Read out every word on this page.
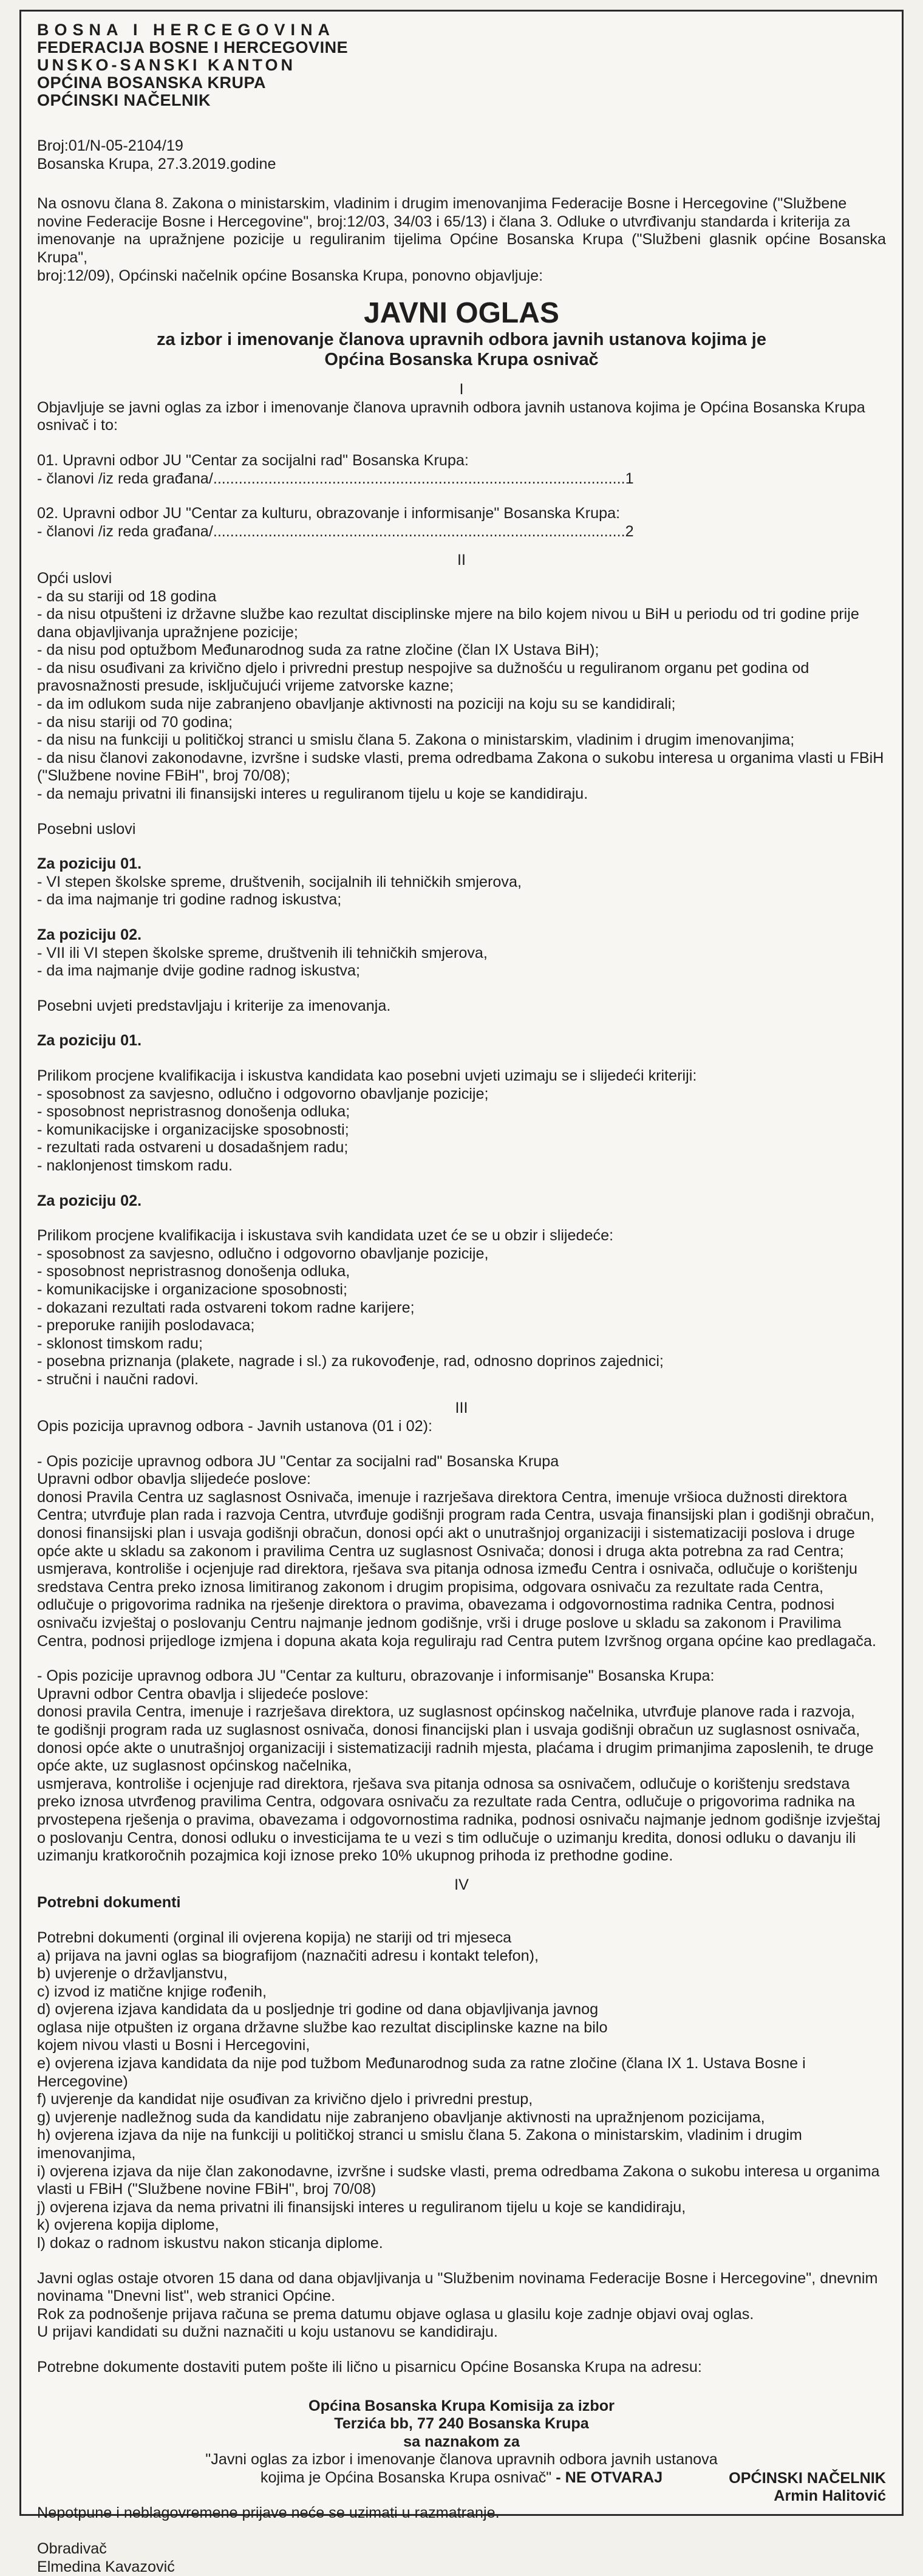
BOSNA I HERCEGOVINA
FEDERACIJA BOSNE I HERCEGOVINE
UNSKO-SANSKI KANTON
OPĆINA BOSANSKA KRUPA
OPĆINSKI NAČELNIK
Broj:01/N-05-2104/19
Bosanska Krupa, 27.3.2019.godine
Na osnovu člana 8. Zakona o ministarskim, vladinim i drugim imenovanjima Federacije Bosne i Hercegovine ("Službene
novine Federacije Bosne i Hercegovine", broj:12/03, 34/03 i 65/13) i člana 3. Odluke o utvrđivanju standarda i kriterija za
imenovanje na upražnjene pozicije u reguliranim tijelima Općine Bosanska Krupa ("Službeni glasnik općine Bosanska Krupa",
broj:12/09), Općinski načelnik općine Bosanska Krupa, ponovno objavljuje:
JAVNI OGLAS
za izbor i imenovanje članova upravnih odbora javnih ustanova kojima je
Općina Bosanska Krupa osnivač
I
Objavljuje se javni oglas za izbor i imenovanje članova upravnih odbora javnih ustanova kojima je Općina Bosanska Krupa
osnivač i to:
01. Upravni odbor JU "Centar za socijalni rad" Bosanska Krupa:
- članovi /iz reda građana/.................................................................................................1
02. Upravni odbor JU "Centar za kulturu, obrazovanje i informisanje" Bosanska Krupa:
- članovi /iz reda građana/.................................................................................................2
II
Opći uslovi
- da su stariji od 18 godina
- da nisu otpušteni iz državne službe kao rezultat disciplinske mjere na bilo kojem nivou u BiH u periodu od tri godine prije
dana objavljivanja upražnjene pozicije;
- da nisu pod optužbom Međunarodnog suda za ratne zločine (član IX Ustava BiH);
- da nisu osuđivani za krivično djelo i privredni prestup nespojive sa dužnošću u reguliranom organu pet godina od
pravosnažnosti presude, isključujući vrijeme zatvorske kazne;
- da im odlukom suda nije zabranjeno obavljanje aktivnosti na poziciji na koju su se kandidirali;
- da nisu stariji od 70 godina;
- da nisu na funkciji u političkoj stranci u smislu člana 5. Zakona o ministarskim, vladinim i drugim imenovanjima;
- da nisu članovi zakonodavne, izvršne i sudske vlasti, prema odredbama Zakona o sukobu interesa u organima vlasti u FBiH
("Službene novine FBiH", broj 70/08);
- da nemaju privatni ili finansijski interes u reguliranom tijelu u koje se kandidiraju.
Posebni uslovi
Za poziciju 01.
- VI stepen školske spreme, društvenih, socijalnih ili tehničkih smjerova,
- da ima najmanje tri godine radnog iskustva;
Za poziciju 02.
- VII ili VI stepen školske spreme, društvenih ili tehničkih smjerova,
- da ima najmanje dvije godine radnog iskustva;
Posebni uvjeti predstavljaju i kriterije za imenovanja.
Za poziciju 01.
Prilikom procjene kvalifikacija i iskustva kandidata kao posebni uvjeti uzimaju se i slijedeći kriteriji:
- sposobnost za savjesno, odlučno i odgovorno obavljanje pozicije;
- sposobnost nepristrasnog donošenja odluka;
- komunikacijske i organizacijske sposobnosti;
- rezultati rada ostvareni u dosadašnjem radu;
- naklonjenost timskom radu.
Za poziciju 02.
Prilikom procjene kvalifikacija i iskustava svih kandidata uzet će se u obzir i slijedeće:
- sposobnost za savjesno, odlučno i odgovorno obavljanje pozicije,
- sposobnost nepristrasnog donošenja odluka,
- komunikacijske i organizacione sposobnosti;
- dokazani rezultati rada ostvareni tokom radne karijere;
- preporuke ranijih poslodavaca;
- sklonost timskom radu;
- posebna priznanja (plakete, nagrade i sl.) za rukovođenje, rad, odnosno doprinos zajednici;
- stručni i naučni radovi.
III
Opis pozicija upravnog odbora - Javnih ustanova (01 i 02):
- Opis pozicije upravnog odbora JU "Centar za socijalni rad" Bosanska Krupa
Upravni odbor obavlja slijedeće poslove:
donosi Pravila Centra uz saglasnost Osnivača, imenuje i razrješava direktora Centra, imenuje vršioca dužnosti direktora
Centra; utvrđuje plan rada i razvoja Centra, utvrđuje godišnji program rada Centra, usvaja finansijski plan i godišnji obračun,
donosi finansijski plan i usvaja godišnji obračun, donosi opći akt o unutrašnjoj organizaciji i sistematizaciji poslova i druge
opće akte u skladu sa zakonom i pravilima Centra uz suglasnost Osnivača; donosi i druga akta potrebna za rad Centra;
usmjerava, kontroliše i ocjenjuje rad direktora, rješava sva pitanja odnosa između Centra i osnivača, odlučuje o korištenju
sredstava Centra preko iznosa limitiranog zakonom i drugim propisima, odgovara osnivaču za rezultate rada Centra,
odlučuje o prigovorima radnika na rješenje direktora o pravima, obavezama i odgovornostima radnika Centra, podnosi
osnivaču izvještaj o poslovanju Centru najmanje jednom godišnje, vrši i druge poslove u skladu sa zakonom i Pravilima
Centra, podnosi prijedloge izmjena i dopuna akata koja reguliraju rad Centra putem Izvršnog organa općine kao predlagača.
- Opis pozicije upravnog odbora JU "Centar za kulturu, obrazovanje i informisanje" Bosanska Krupa:
Upravni odbor Centra obavlja i slijedeće poslove:
donosi pravila Centra, imenuje i razrješava direktora, uz suglasnost općinskog načelnika, utvrđuje planove rada i razvoja,
te godišnji program rada uz suglasnost osnivača, donosi financijski plan i usvaja godišnji obračun uz suglasnost osnivača,
donosi opće akte o unutrašnjoj organizaciji i sistematizaciji radnih mjesta, plaćama i drugim primanjima zaposlenih, te druge
opće akte, uz suglasnost općinskog načelnika,
usmjerava, kontroliše i ocjenjuje rad direktora, rješava sva pitanja odnosa sa osnivačem, odlučuje o korištenju sredstava
preko iznosa utvrđenog pravilima Centra, odgovara osnivaču za rezultate rada Centra, odlučuje o prigovorima radnika na
prvostepena rješenja o pravima, obavezama i odgovornostima radnika, podnosi osnivaču najmanje jednom godišnje izvještaj
o poslovanju Centra, donosi odluku o investicijama te u vezi s tim odlučuje o uzimanju kredita, donosi odluku o davanju ili
uzimanju kratkoročnih pozajmica koji iznose preko 10% ukupnog prihoda iz prethodne godine.
IV
Potrebni dokumenti
Potrebni dokumenti (orginal ili ovjerena kopija) ne stariji od tri mjeseca
a) prijava na javni oglas sa biografijom (naznačiti adresu i kontakt telefon),
b) uvjerenje o državljanstvu,
c) izvod iz matične knjige rođenih,
d) ovjerena izjava kandidata da u posljednje tri godine od dana objavljivanja javnog
oglasa nije otpušten iz organa državne službe kao rezultat disciplinske kazne na bilo
kojem nivou vlasti u Bosni i Hercegovini,
e) ovjerena izjava kandidata da nije pod tužbom Međunarodnog suda za ratne zločine (člana IX 1. Ustava Bosne i
Hercegovine)
f) uvjerenje da kandidat nije osuđivan za krivično djelo i privredni prestup,
g) uvjerenje nadležnog suda da kandidatu nije zabranjeno obavljanje aktivnosti na upražnjenom pozicijama,
h) ovjerena izjava da nije na funkciji u političkoj stranci u smislu člana 5. Zakona o ministarskim, vladinim i drugim
imenovanjima,
i) ovjerena izjava da nije član zakonodavne, izvršne i sudske vlasti, prema odredbama Zakona o sukobu interesa u organima
vlasti u FBiH ("Službene novine FBiH", broj 70/08)
j) ovjerena izjava da nema privatni ili finansijski interes u reguliranom tijelu u koje se kandidiraju,
k) ovjerena kopija diplome,
l) dokaz o radnom iskustvu nakon sticanja diplome.
Javni oglas ostaje otvoren 15 dana od dana objavljivanja u "Službenim novinama Federacije Bosne i Hercegovine", dnevnim
novinama "Dnevni list", web stranici Općine.
Rok za podnošenje prijava računa se prema datumu objave oglasa u glasilu koje zadnje objavi ovaj oglas.
U prijavi kandidati su dužni naznačiti u koju ustanovu se kandidiraju.
Potrebne dokumente dostaviti putem pošte ili lično u pisarnicu Općine Bosanska Krupa na adresu:
Općina Bosanska Krupa Komisija za izbor
Terzića bb, 77 240 Bosanska Krupa
sa naznakom za
"Javni oglas za izbor i imenovanje članova upravnih odbora javnih ustanova
kojima je Općina Bosanska Krupa osnivač" - NE OTVARAJ
Nepotpune i neblagovremene prijave neće se uzimati u razmatranje.
Obradivač
Elmedina Kavazović
OPĆINSKI NAČELNIK
Armin Halitović
